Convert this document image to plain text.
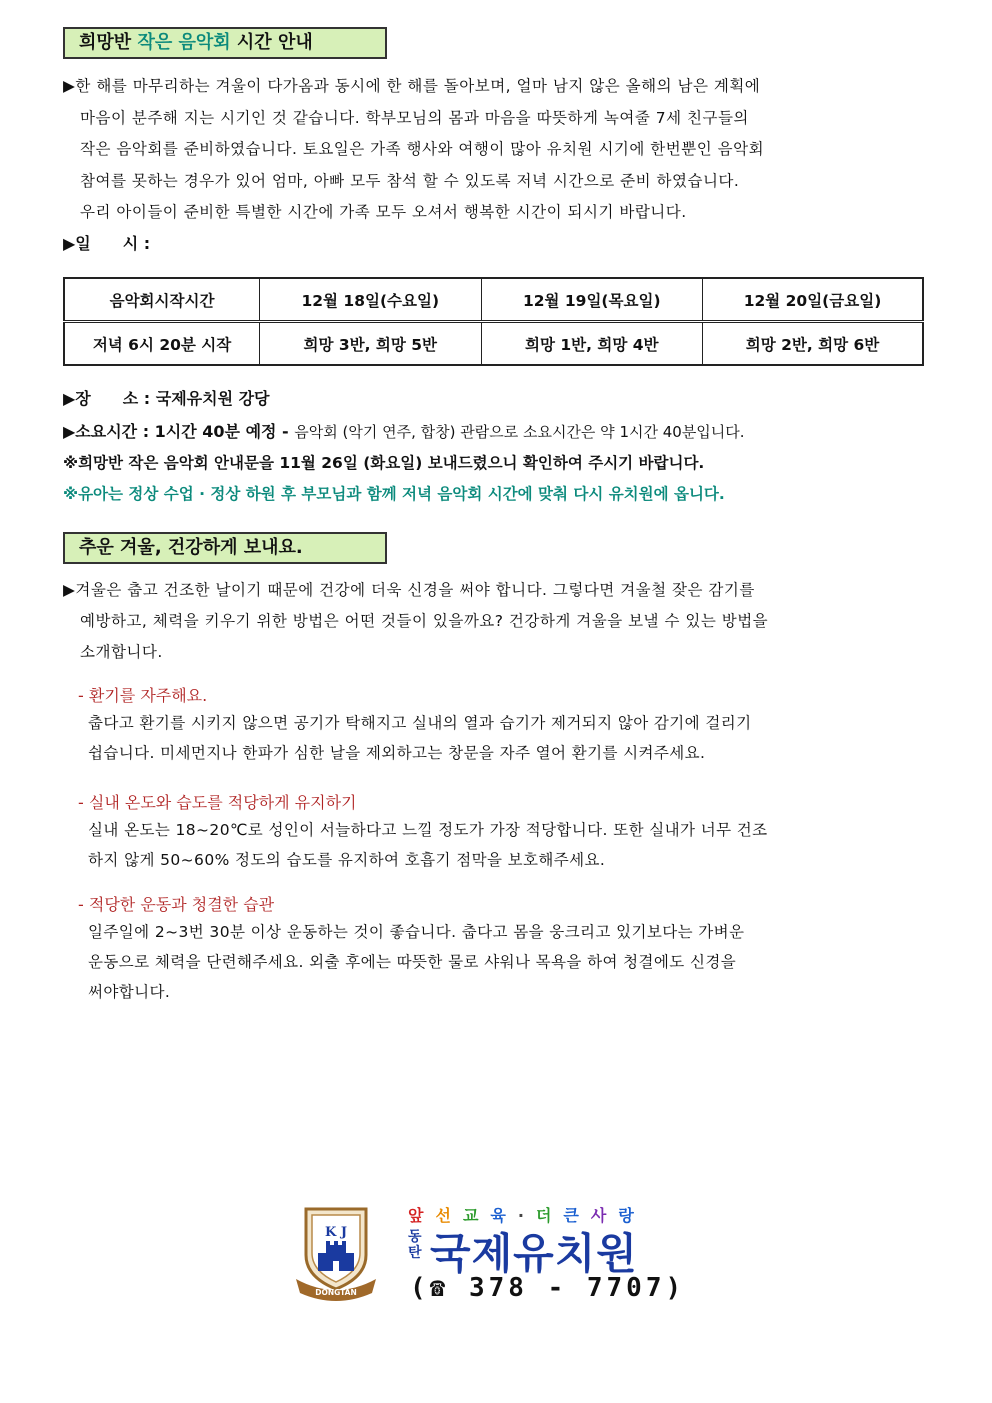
희망반 작은 음악회 시간 안내
▶한 해를 마무리하는 겨울이 다가옴과 동시에 한 해를 돌아보며, 얼마 남지 않은 올해의 남은 계획에
마음이 분주해 지는 시기인 것 같습니다. 학부모님의 몸과 마음을 따뜻하게 녹여줄 7세 친구들의
작은 음악회를 준비하였습니다. 토요일은 가족 행사와 여행이 많아 유치원 시기에 한번뿐인 음악회
참여를 못하는 경우가 있어 엄마, 아빠 모두 참석 할 수 있도록 저녁 시간으로 준비 하였습니다.
우리 아이들이 준비한 특별한 시간에 가족 모두 오셔서 행복한 시간이 되시기 바랍니다.
▶일　　시 :
음악회시작시간	12월 18일(수요일)	12월 19일(목요일)	12월 20일(금요일)
저녁 6시 20분 시작	희망 3반, 희망 5반	희망 1반, 희망 4반	희망 2반, 희망 6반
▶장　　소 : 국제유치원 강당
▶소요시간 : 1시간 40분 예정 - 음악회 (악기 연주, 합창) 관람으로 소요시간은 약 1시간 40분입니다.
※희망반 작은 음악회 안내문을 11월 26일 (화요일) 보내드렸으니 확인하여 주시기 바랍니다.
※유아는 정상 수업 · 정상 하원 후 부모님과 함께 저녁 음악회 시간에 맞춰 다시 유치원에 옵니다.
추운 겨울, 건강하게 보내요.
▶겨울은 춥고 건조한 날이기 때문에 건강에 더욱 신경을 써야 합니다. 그렇다면 겨울철 잦은 감기를
예방하고, 체력을 키우기 위한 방법은 어떤 것들이 있을까요? 건강하게 겨울을 보낼 수 있는 방법을
소개합니다.
- 환기를 자주해요.
춥다고 환기를 시키지 않으면 공기가 탁해지고 실내의 열과 습기가 제거되지 않아 감기에 걸리기
쉽습니다. 미세먼지나 한파가 심한 날을 제외하고는 창문을 자주 열어 환기를 시켜주세요.
- 실내 온도와 습도를 적당하게 유지하기
실내 온도는 18~20℃로 성인이 서늘하다고 느낄 정도가 가장 적당합니다. 또한 실내가 너무 건조
하지 않게 50~60% 정도의 습도를 유지하여 호흡기 점막을 보호해주세요.
- 적당한 운동과 청결한 습관
일주일에 2~3번 30분 이상 운동하는 것이 좋습니다. 춥다고 몸을 웅크리고 있기보다는 가벼운
운동으로 체력을 단련해주세요. 외출 후에는 따뜻한 물로 샤워나 목욕을 하여 청결에도 신경을
써야합니다.
K J
DONGTAN
앞 선 교 육 · 더 큰 사 랑
동
탄 국제유치원
(☎ 378 - 7707)
